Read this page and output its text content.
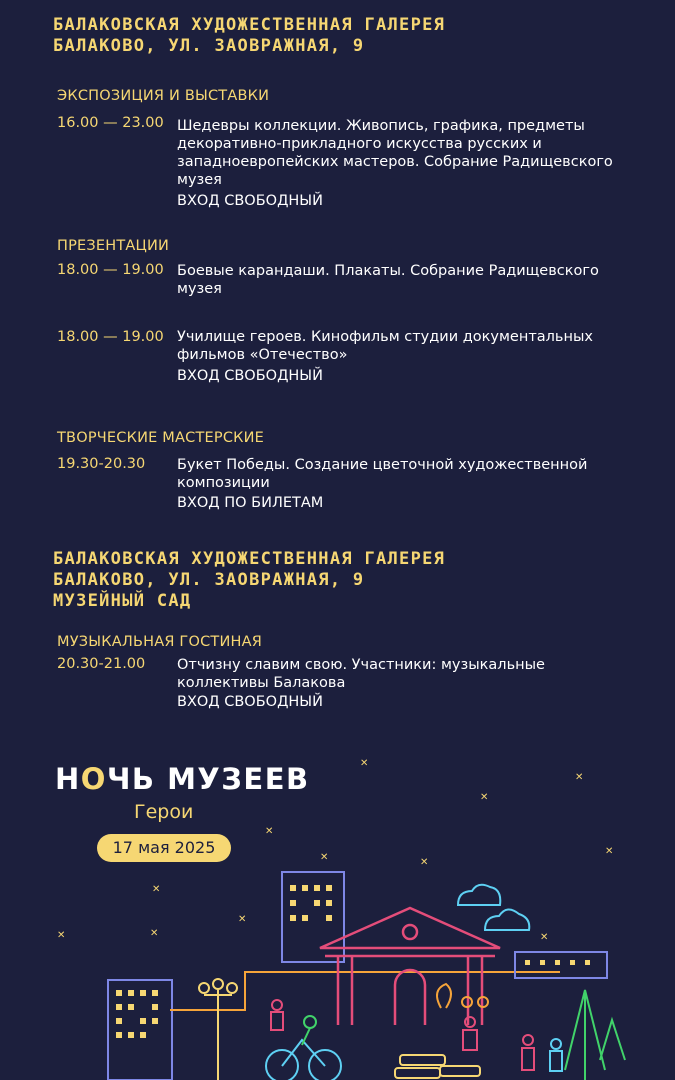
БАЛАКОВСКАЯ ХУДОЖЕСТВЕННАЯ ГАЛЕРЕЯ
БАЛАКОВО, УЛ. ЗАОВРАЖНАЯ, 9
ЭКСПОЗИЦИЯ И ВЫСТАВКИ
16.00 — 23.00 Шедевры коллекции. Живопись, графика, предметы декоративно-прикладного искусства русских и западноевропейских мастеров. Собрание Радищевского музея
ВХОД СВОБОДНЫЙ
ПРЕЗЕНТАЦИИ
18.00 — 19.00 Боевые карандаши. Плакаты. Собрание Радищевского музея
18.00 — 19.00 Училище героев. Кинофильм студии документальных фильмов «Отечество»
ВХОД СВОБОДНЫЙ
ТВОРЧЕСКИЕ МАСТЕРСКИЕ
19.30-20.30 Букет Победы. Создание цветочной художественной композиции
ВХОД ПО БИЛЕТАМ
БАЛАКОВСКАЯ ХУДОЖЕСТВЕННАЯ ГАЛЕРЕЯ
БАЛАКОВО, УЛ. ЗАОВРАЖНАЯ, 9
МУЗЕЙНЫЙ САД
МУЗЫКАЛЬНАЯ ГОСТИНАЯ
20.30-21.00 Отчизну славим свою. Участники: музыкальные коллективы Балакова
ВХОД СВОБОДНЫЙ
✕
✕
✕
✕
✕
✕
✕
✕
✕
✕
✕
✕
НОЧЬ МУЗЕЕВ
Герои
17 мая 2025
